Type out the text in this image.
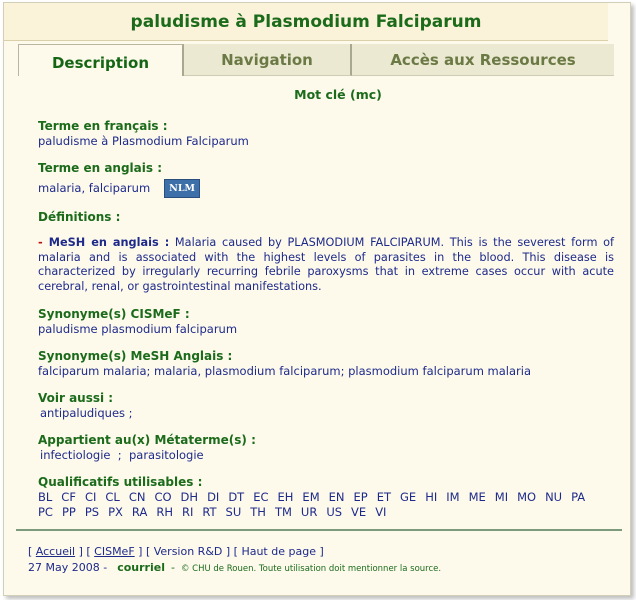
paludisme à Plasmodium Falciparum
Description	Navigation	Accès aux Ressources
Mot clé (mc)
Terme en français :
paludisme à Plasmodium Falciparum
Terme en anglais :
malaria, falciparum NLM
Définitions :
- MeSH en anglais : Malaria caused by PLASMODIUM FALCIPARUM. This is the severest form of malaria and is associated with the highest levels of parasites in the blood. This disease is characterized by irregularly recurring febrile paroxysms that in extreme cases occur with acute cerebral, renal, or gastrointestinal manifestations.
Synonyme(s) CISMeF :
paludisme plasmodium falciparum
Synonyme(s) MeSH Anglais :
falciparum malaria; malaria, plasmodium falciparum; plasmodium falciparum malaria
Voir aussi :
antipaludiques ;
Appartient au(x) Métaterme(s) :
infectiologie  ;  parasitologie
Qualificatifs utilisables :
BL CF CI CL CN CO DH DI DT EC EH EM EN EP ET GE HI IM ME MI MO NU PAPC PP PS PX RA RH RI RT SU TH TM UR US VE VI
[ Accueil ] [ CISMeF ] [ Version R&D ] [ Haut de page ]
27 May 2008 - courriel - © CHU de Rouen. Toute utilisation doit mentionner la source.
